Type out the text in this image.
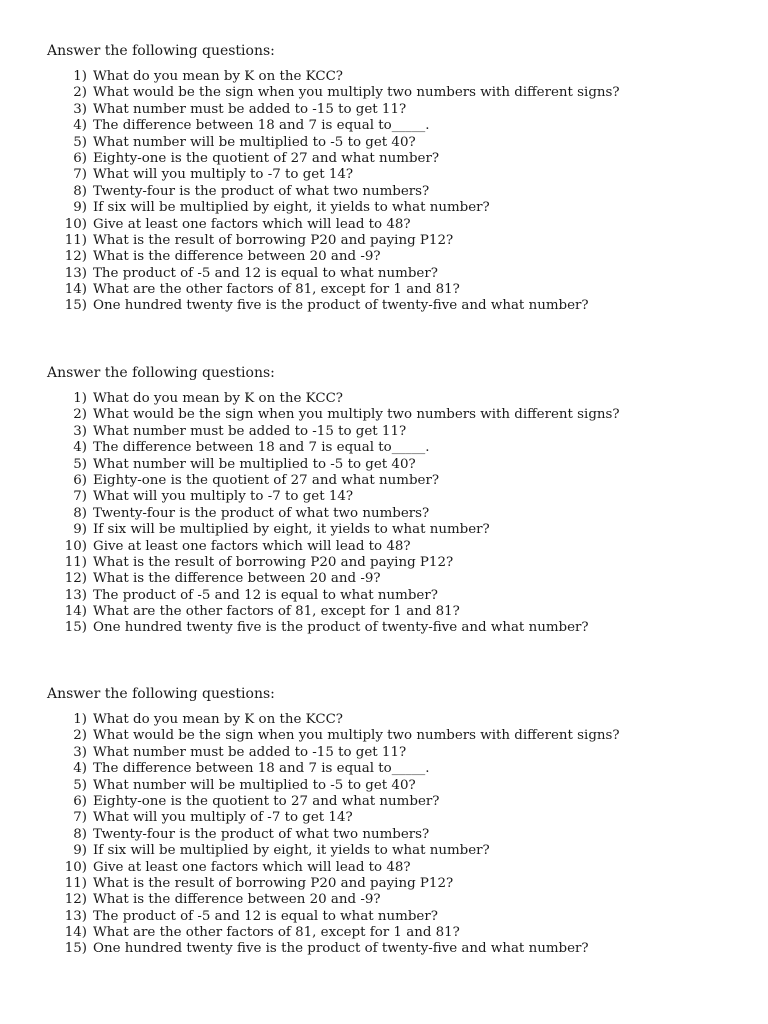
Answer the following questions:

1) What do you mean by K on the KCC?
2) What would be the sign when you multiply two numbers with different signs?
3) What number must be added to -15 to get 11?
4) The difference between 18 and 7 is equal to_____.
5) What number will be multiplied to -5 to get 40?
6) Eighty-one is the quotient of 27 and what number?
7) What will you multiply to -7 to get 14?
8) Twenty-four is the product of what two numbers?
9) If six will be multiplied by eight, it yields to what number?
10) Give at least one factors which will lead to 48?
11) What is the result of borrowing P20 and paying P12?
12) What is the difference between 20 and -9?
13) The product of -5 and 12 is equal to what number?
14) What are the other factors of 81, except for 1 and 81?
15) One hundred twenty five is the product of twenty-five and what number?

Answer the following questions:

1) What do you mean by K on the KCC?
2) What would be the sign when you multiply two numbers with different signs?
3) What number must be added to -15 to get 11?
4) The difference between 18 and 7 is equal to_____.
5) What number will be multiplied to -5 to get 40?
6) Eighty-one is the quotient of 27 and what number?
7) What will you multiply to -7 to get 14?
8) Twenty-four is the product of what two numbers?
9) If six will be multiplied by eight, it yields to what number?
10) Give at least one factors which will lead to 48?
11) What is the result of borrowing P20 and paying P12?
12) What is the difference between 20 and -9?
13) The product of -5 and 12 is equal to what number?
14) What are the other factors of 81, except for 1 and 81?
15) One hundred twenty five is the product of twenty-five and what number?

Answer the following questions:

1) What do you mean by K on the KCC?
2) What would be the sign when you multiply two numbers with different signs?
3) What number must be added to -15 to get 11?
4) The difference between 18 and 7 is equal to_____.
5) What number will be multiplied to -5 to get 40?
6) Eighty-one is the quotient to 27 and what number?
7) What will you multiply of -7 to get 14?
8) Twenty-four is the product of what two numbers?
9) If six will be multiplied by eight, it yields to what number?
10) Give at least one factors which will lead to 48?
11) What is the result of borrowing P20 and paying P12?
12) What is the difference between 20 and -9?
13) The product of -5 and 12 is equal to what number?
14) What are the other factors of 81, except for 1 and 81?
15) One hundred twenty five is the product of twenty-five and what number?
